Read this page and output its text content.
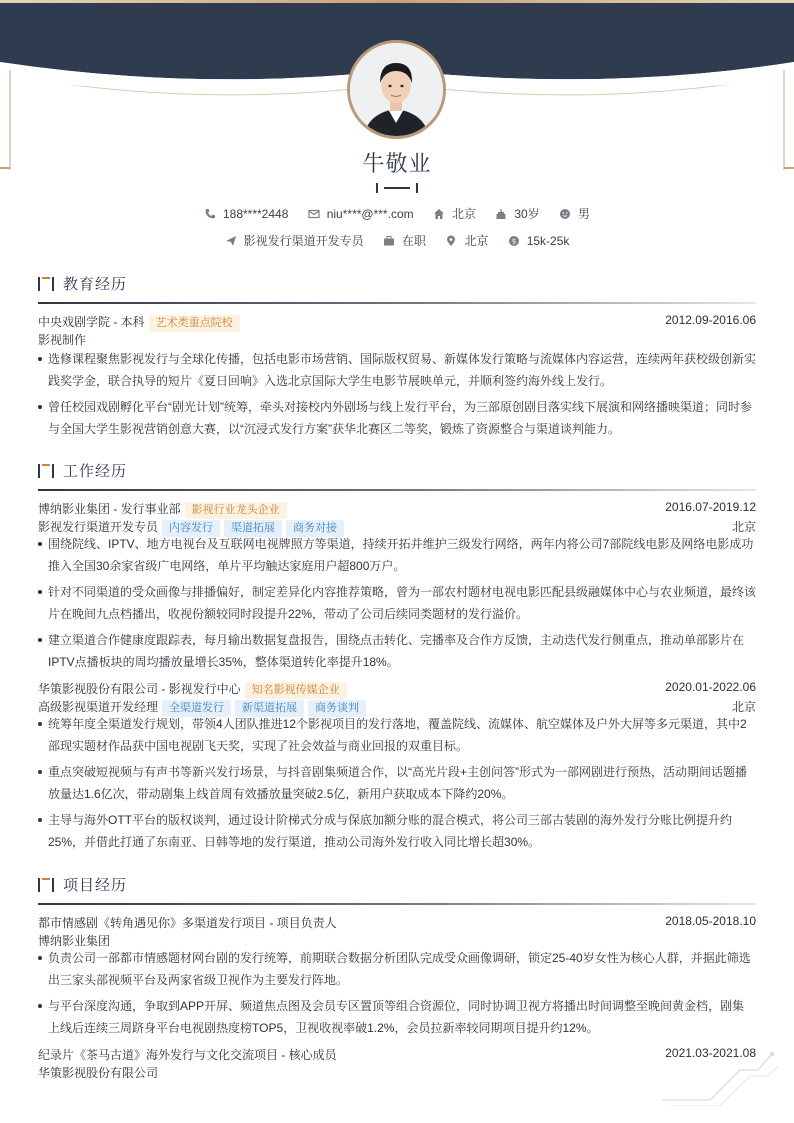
牛敬业
188****2448
	niu****@***.com
	北京
	30岁
	男
影视发行渠道开发专员
	在职
	北京
	$ 15k-25k
教育经历
中央戏剧学院 - 本科 艺术类重点院校	2012.09-2016.06
影视制作
选修课程聚焦影视发行与全球化传播，包括电影市场营销、国际版权贸易、新媒体发行策略与流媒体内容运营，连续两年获校级创新实践奖学金，联合执导的短片《夏日回响》入选北京国际大学生电影节展映单元，并顺利签约海外线上发行。
曾任校园戏剧孵化平台“剧光计划”统筹，牵头对接校内外剧场与线上发行平台，为三部原创剧目落实线下展演和网络播映渠道；同时参与全国大学生影视营销创意大赛，以“沉浸式发行方案”获华北赛区二等奖，锻炼了资源整合与渠道谈判能力。
工作经历
博纳影业集团 - 发行事业部 影视行业龙头企业	2016.07-2019.12
影视发行渠道开发专员 内容发行 渠道拓展 商务对接	北京
围绕院线、IPTV、地方电视台及互联网电视牌照方等渠道，持续开拓并维护三级发行网络，两年内将公司7部院线电影及网络电影成功推入全国30余家省级广电网络，单片平均触达家庭用户超800万户。
针对不同渠道的受众画像与排播偏好，制定差异化内容推荐策略，曾为一部农村题材电视电影匹配县级融媒体中心与农业频道，最终该片在晚间九点档播出，收视份额较同时段提升22%，带动了公司后续同类题材的发行溢价。
建立渠道合作健康度跟踪表，每月输出数据复盘报告，围绕点击转化、完播率及合作方反馈，主动迭代发行侧重点，推动单部影片在IPTV点播板块的周均播放量增长35%，整体渠道转化率提升18%。
华策影视股份有限公司 - 影视发行中心 知名影视传媒企业	2020.01-2022.06
高级影视渠道开发经理 全渠道发行 新渠道拓展 商务谈判	北京
统筹年度全渠道发行规划，带领4人团队推进12个影视项目的发行落地，覆盖院线、流媒体、航空媒体及户外大屏等多元渠道，其中2部现实题材作品获中国电视剧飞天奖，实现了社会效益与商业回报的双重目标。
重点突破短视频与有声书等新兴发行场景，与抖音剧集频道合作，以“高光片段+主创问答”形式为一部网剧进行预热，活动期间话题播放量达1.6亿次，带动剧集上线首周有效播放量突破2.5亿，新用户获取成本下降约20%。
主导与海外OTT平台的版权谈判，通过设计阶梯式分成与保底加额分账的混合模式，将公司三部古装剧的海外发行分账比例提升约25%，并借此打通了东南亚、日韩等地的发行渠道，推动公司海外发行收入同比增长超30%。
项目经历
都市情感剧《转角遇见你》多渠道发行项目 - 项目负责人	2018.05-2018.10
博纳影业集团
负责公司一部都市情感题材网台剧的发行统筹，前期联合数据分析团队完成受众画像调研，锁定25-40岁女性为核心人群，并据此筛选出三家头部视频平台及两家省级卫视作为主要发行阵地。
与平台深度沟通，争取到APP开屏、频道焦点图及会员专区置顶等组合资源位，同时协调卫视方将播出时间调整至晚间黄金档，剧集上线后连续三周跻身平台电视剧热度榜TOP5，卫视收视率破1.2%，会员拉新率较同期项目提升约12%。
纪录片《茶马古道》海外发行与文化交流项目 - 核心成员	2021.03-2021.08
华策影视股份有限公司
